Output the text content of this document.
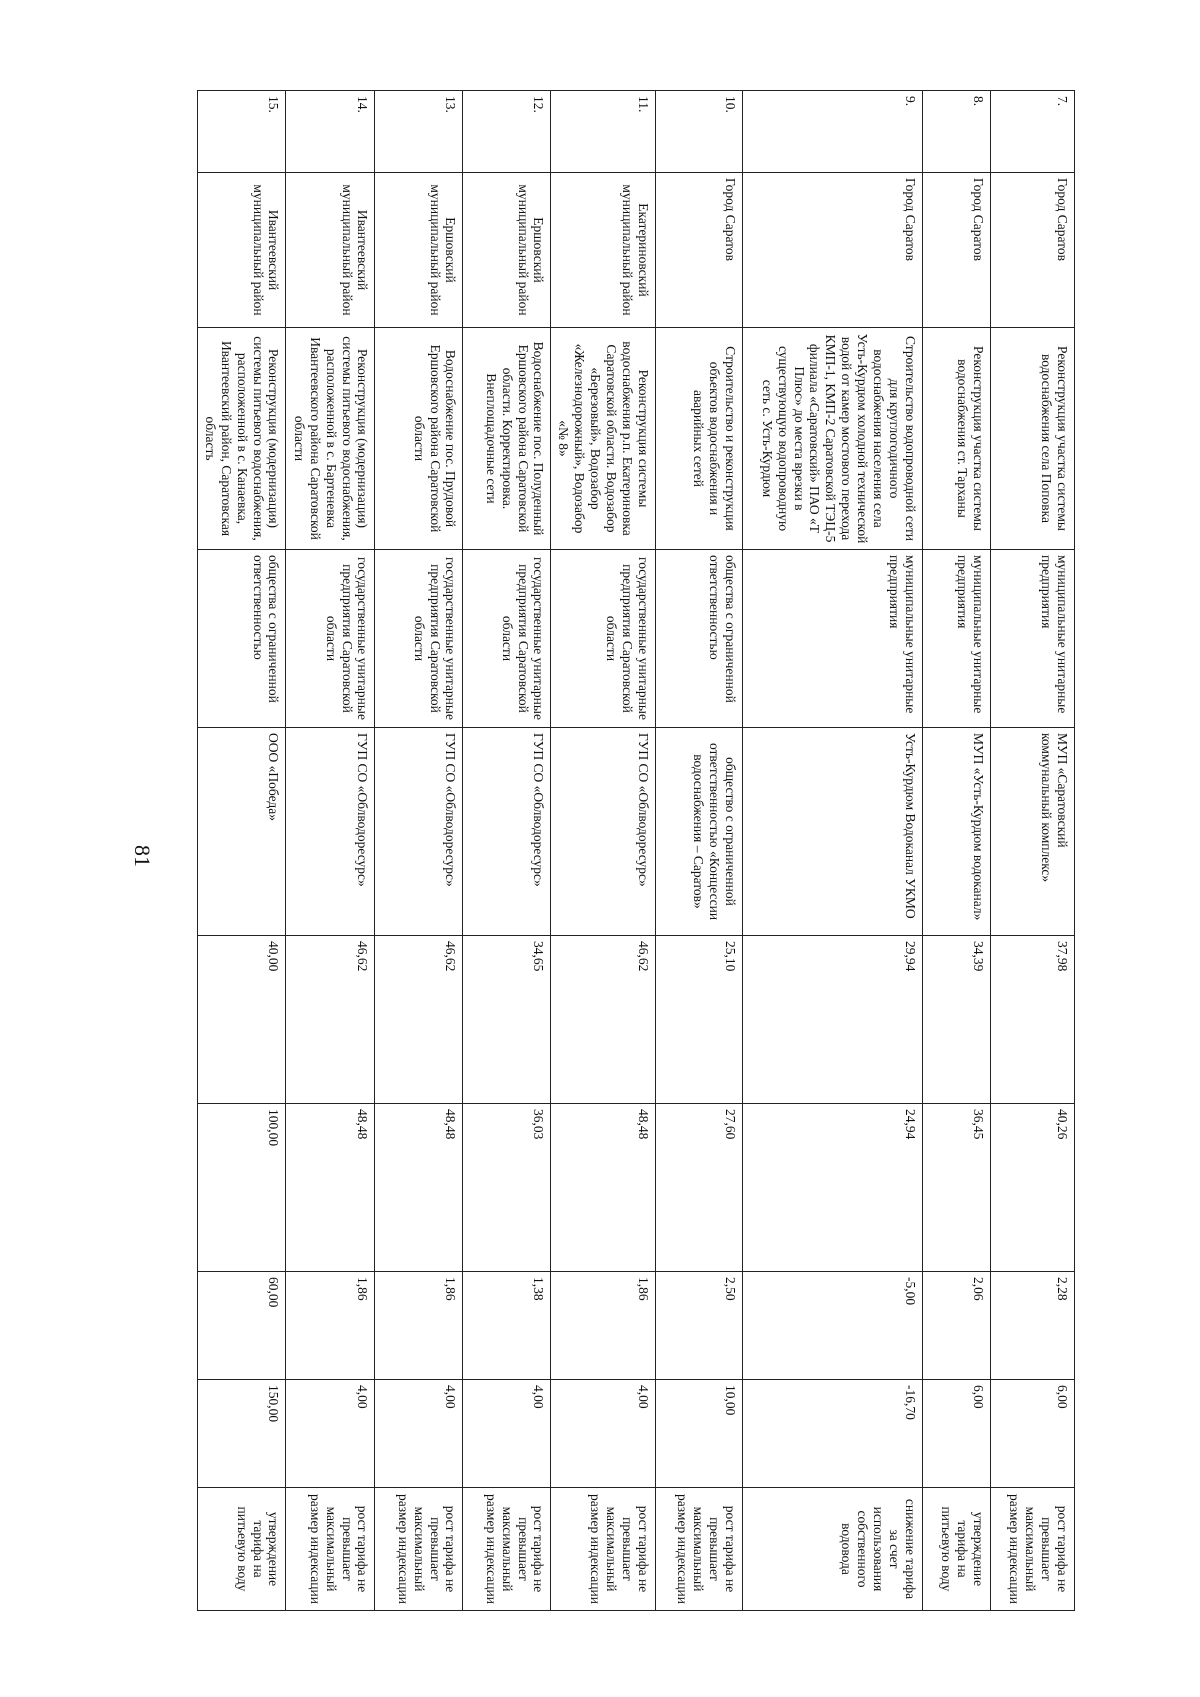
81
7.	Город Саратов	Реконструкция участка системы водоснабжения села Поповка	муниципальные унитарные предприятия	МУП «Саратовский коммунальный комплекс»	37,98	40,26	2,28	6,00	рост тарифа не превышает максимальный размер индексации
8.	Город Саратов	Реконструкция участка системы водоснабжения ст. Тарханы	муниципальные унитарные предприятия	МУП «Усть-Курдюм водоканал»	34,39	36,45	2,06	6,00	утверждение тарифа на питьевую воду
9.	Город Саратов	Строительство водопроводной сети для круглогодичного водоснабжения населения села Усть-Курдюм холодной технической водой от камер мостового перехода КМП-1, КМП-2 Саратовской ТЭЦ-5 филиала «Саратовский» ПАО «Т Плюс» до места врезки в существующую водопроводную сеть с. Усть-Курдюм	муниципальные унитарные предприятия	Усть-Курдюм Водоканал УКМО	29,94	24,94	-5,00	-16,70	снижение тарифа за счет использования собственного водовода
10.	Город Саратов	Строительство и реконструкция объектов водоснабжения и аварийных сетей	общества с ограниченной ответственностью	общество с ограниченной ответственностью «Концессии водоснабжения – Саратов»	25,10	27,60	2,50	10,00	рост тарифа не превышает максимальный размер индексации
11.	Екатериновский муниципальный район	Реконструкция системы водоснабжения р.п. Екатериновка Саратовской области. Водозабор «Березовый», Водозабор «Железнодорожный», Водозабор «№ 8»	государственные унитарные предприятия Саратовской области	ГУП СО «Облводоресурс»	46,62	48,48	1,86	4,00	рост тарифа не превышает максимальный размер индексации
12.	Ершовский муниципальный район	Водоснабжение пос. Полуденный Ершовского района Саратовской области. Корректировка. Внеплощадочные сети	государственные унитарные предприятия Саратовской области	ГУП СО «Облводоресурс»	34,65	36,03	1,38	4,00	рост тарифа не превышает максимальный размер индексации
13.	Ершовский муниципальный район	Водоснабжение пос. Прудовой Ершовского района Саратовской области	государственные унитарные предприятия Саратовской области	ГУП СО «Облводоресурс»	46,62	48,48	1,86	4,00	рост тарифа не превышает максимальный размер индексации
14.	Ивантеевский муниципальный район	Реконструкция (модернизация) системы питьевого водоснабжения, расположенной в с. Бартеневка Ивантеевского района Саратовской области	государственные унитарные предприятия Саратовской области	ГУП СО «Облводоресурс»	46,62	48,48	1,86	4,00	рост тарифа не превышает максимальный размер индексации
15.	Ивантеевский муниципальный район	Реконструкция (модернизация) системы питьевого водоснабжения, расположенной в с. Канаевка, Ивантеевский район, Саратовская область	общества с ограниченной ответственностью	ООО «Победа»	40,00	100,00	60,00	150,00	утверждение тарифа на питьевую воду
